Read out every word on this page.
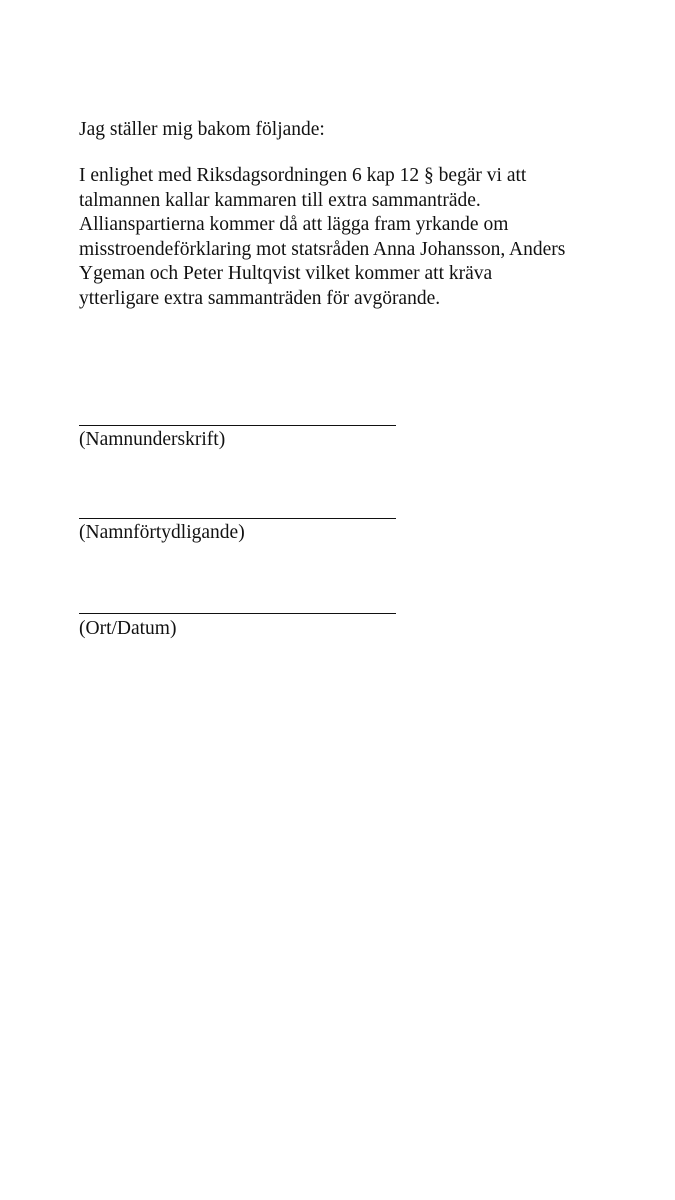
Jag ställer mig bakom följande:
I enlighet med Riksdagsordningen 6 kap 12 § begär vi att
talmannen kallar kammaren till extra sammanträde.
Allianspartierna kommer då att lägga fram yrkande om
misstroendeförklaring mot statsråden Anna Johansson, Anders
Ygeman och Peter Hultqvist vilket kommer att kräva
ytterligare extra sammanträden för avgörande.
(Namnunderskrift)
(Namnförtydligande)
(Ort/Datum)
